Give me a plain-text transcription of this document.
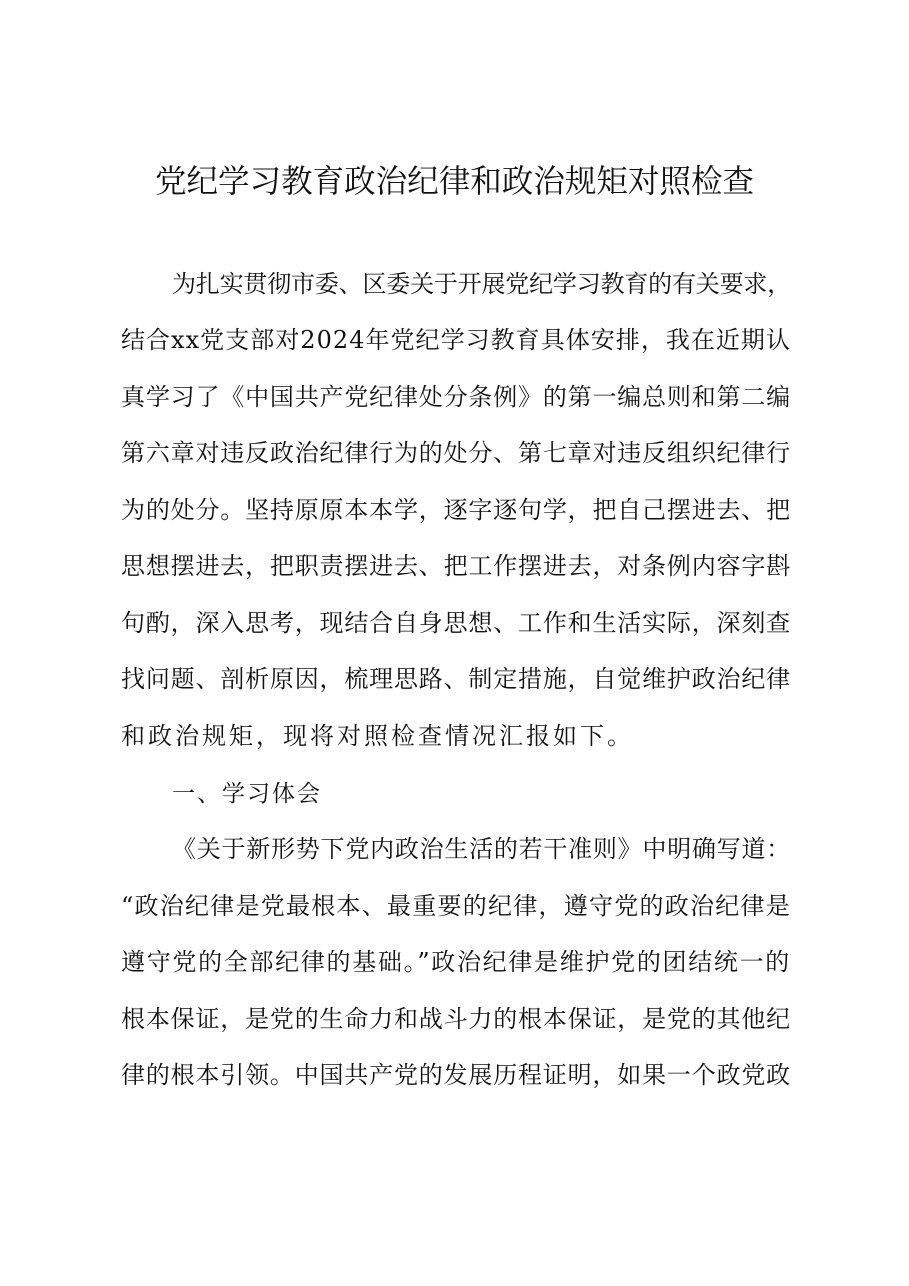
党纪学习教育政治纪律和政治规矩对照检查
为扎实贯彻市委、区委关于开展党纪学习教育的有关要求，
结合xx党支部对2024年党纪学习教育具体安排，我在近期认
真学习了《中国共产党纪律处分条例》的第一编总则和第二编
第六章对违反政治纪律行为的处分、第七章对违反组织纪律行
为的处分。坚持原原本本学，逐字逐句学，把自己摆进去、把
思想摆进去，把职责摆进去、把工作摆进去，对条例内容字斟
句酌，深入思考，现结合自身思想、工作和生活实际，深刻查
找问题、剖析原因，梳理思路、制定措施，自觉维护政治纪律
和政治规矩，现将对照检查情况汇报如下。
一、学习体会
《关于新形势下党内政治生活的若干准则》中明确写道：
“政治纪律是党最根本、最重要的纪律，遵守党的政治纪律是
遵守党的全部纪律的基础。”政治纪律是维护党的团结统一的
根本保证，是党的生命力和战斗力的根本保证，是党的其他纪
律的根本引领。中国共产党的发展历程证明，如果一个政党政
